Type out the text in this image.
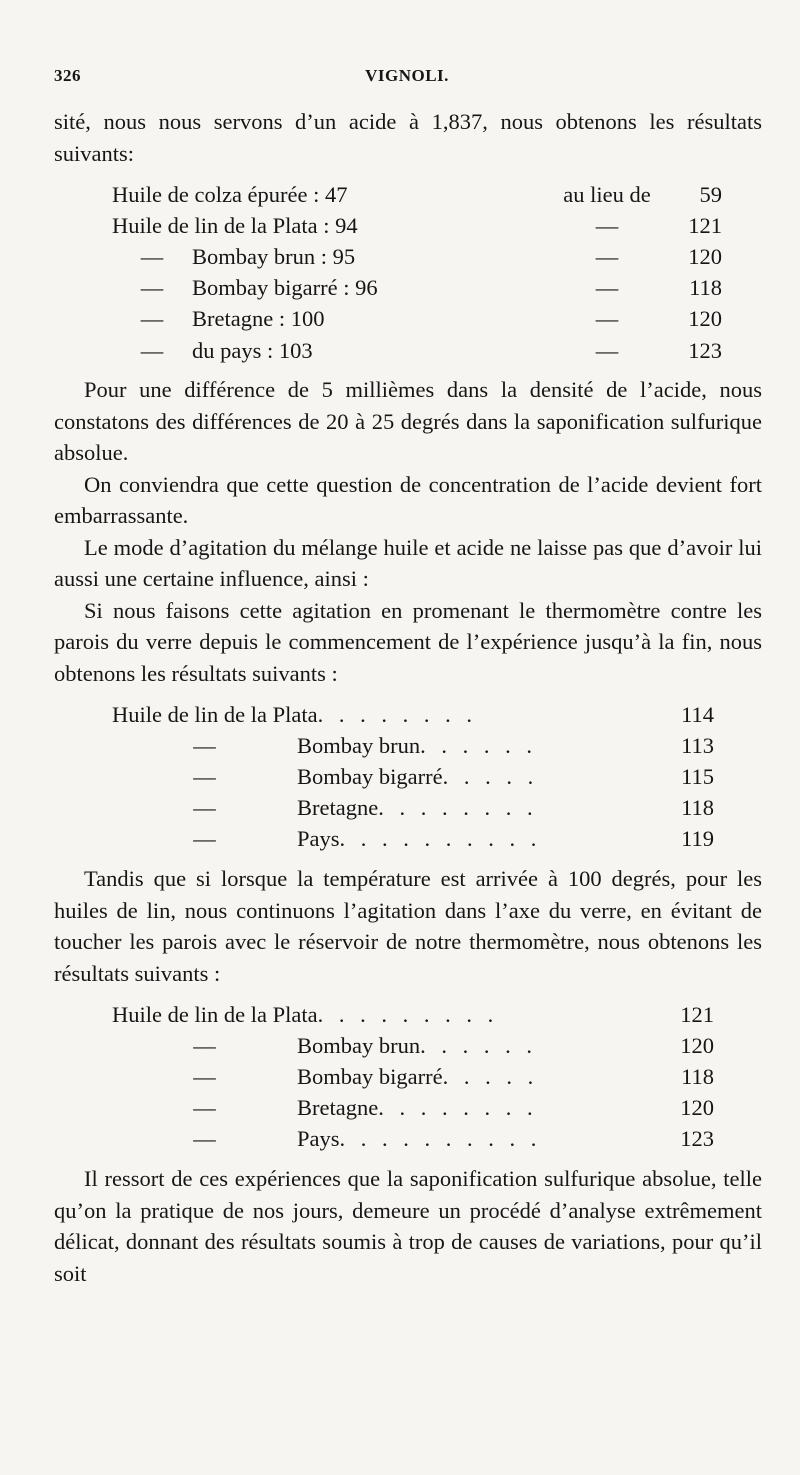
326	VIGNOLI.

sité, nous nous servons d’un acide à 1,837, nous obtenons les résultats suivants:

Huile de colza épurée : 47		au lieu de	59
Huile de lin de la Plata : 94		—	121
—	Bombay brun : 95	—	120
—	Bombay bigarré : 96	—	118
—	Bretagne : 100	—	120
—	du pays : 103	—	123

Pour une différence de 5 millièmes dans la densité de l’acide, nous constatons des différences de 20 à 25 degrés dans la saponification sulfurique absolue.

On conviendra que cette question de concentration de l’acide devient fort embarrassante.

Le mode d’agitation du mélange huile et acide ne laisse pas que d’avoir lui aussi une certaine influence, ainsi :

Si nous faisons cette agitation en promenant le thermomètre contre les parois du verre depuis le commencement de l’expérience jusqu’à la fin, nous obtenons les résultats suivants :

Huile de lin de la Plata. . . . . . . .		114
—	Bombay brun. . . . . .	113
—	Bombay bigarré. . . . .	115
—	Bretagne. . . . . . . .	118
—	Pays. . . . . . . . . .	119

Tandis que si lorsque la température est arrivée à 100 degrés, pour les huiles de lin, nous continuons l’agitation dans l’axe du verre, en évitant de toucher les parois avec le réservoir de notre thermomètre, nous obtenons les résultats suivants :

Huile de lin de la Plata. . . . . . . . .		121
—	Bombay brun. . . . . .	120
—	Bombay bigarré. . . . .	118
—	Bretagne. . . . . . . .	120
—	Pays. . . . . . . . . .	123

Il ressort de ces expériences que la saponification sulfurique absolue, telle qu’on la pratique de nos jours, demeure un procédé d’analyse extrêmement délicat, donnant des résultats soumis à trop de causes de variations, pour qu’il soit
